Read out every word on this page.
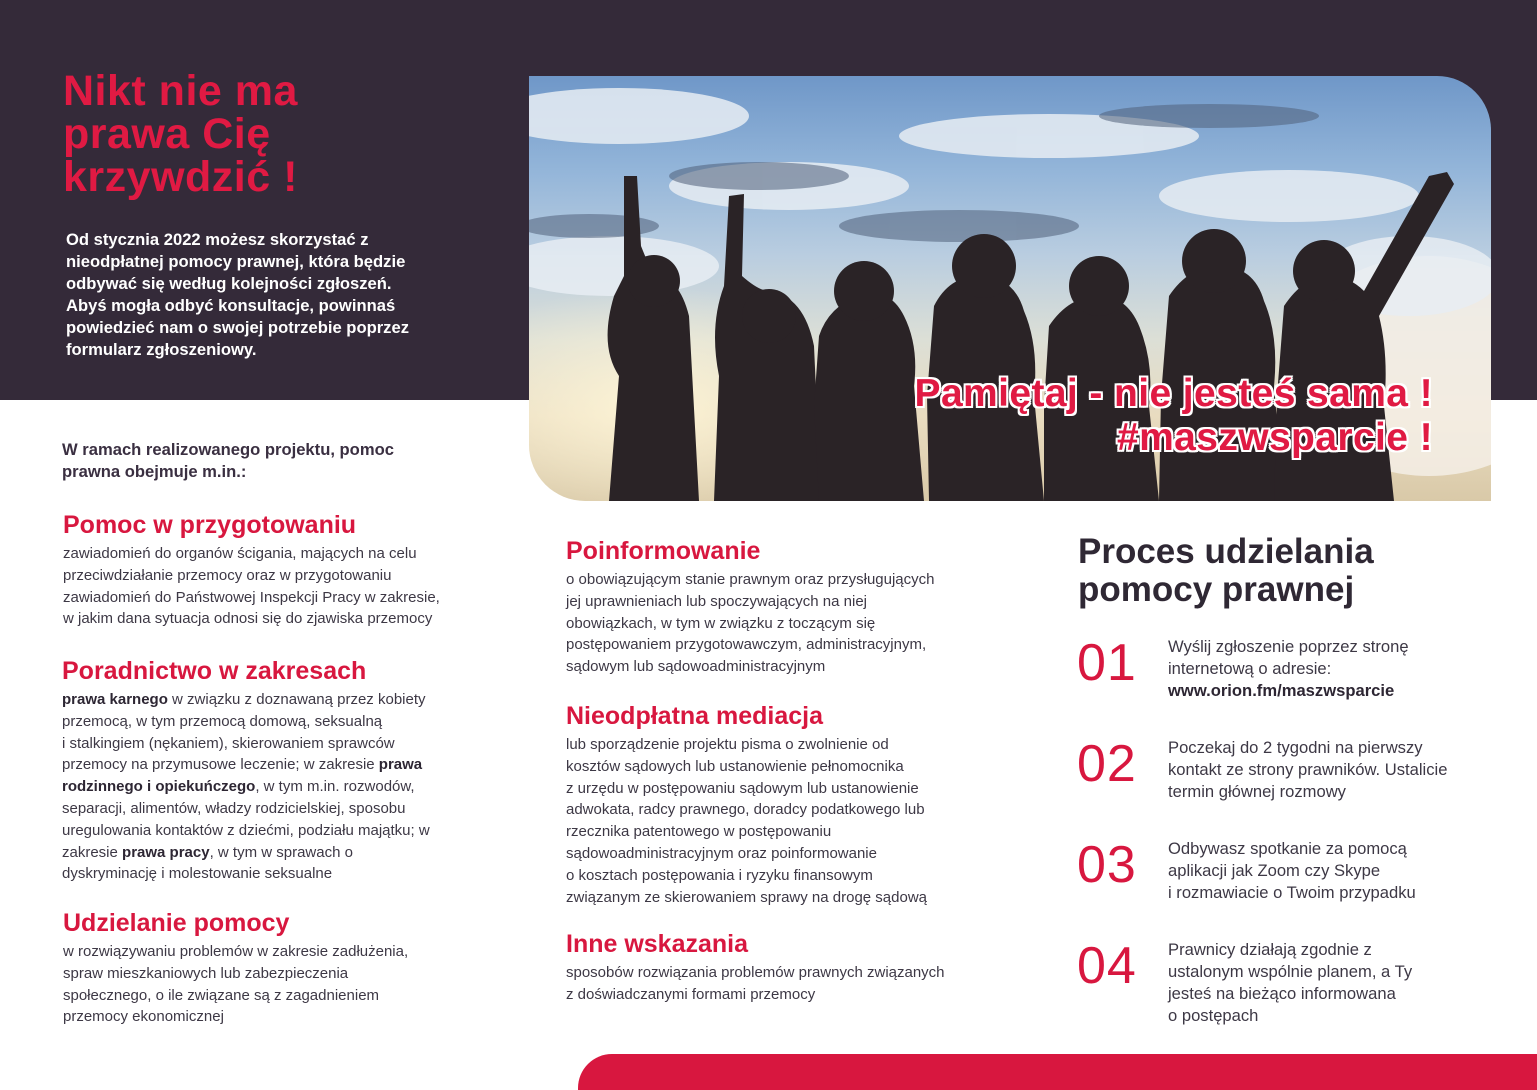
Nikt nie ma
prawa Cię
krzywdzić !
Od stycznia 2022 możesz skorzystać z
nieodpłatnej pomocy prawnej, która będzie
odbywać się według kolejności zgłoszeń.
Abyś mogła odbyć konsultacje, powinnaś
powiedzieć nam o swojej potrzebie poprzez
formularz zgłoszeniowy.
Pamiętaj - nie jesteś sama !
#maszwsparcie !
W ramach realizowanego projektu, pomoc
prawna obejmuje m.in.:
Pomoc w przygotowaniu
zawiadomień do organów ścigania, mających na celu
przeciwdziałanie przemocy oraz w przygotowaniu
zawiadomień do Państwowej Inspekcji Pracy w zakresie,
w jakim dana sytuacja odnosi się do zjawiska przemocy
Poradnictwo w zakresach
prawa karnego w związku z doznawaną przez kobiety
przemocą, w tym przemocą domową, seksualną
i stalkingiem (nękaniem), skierowaniem sprawców
przemocy na przymusowe leczenie; w zakresie prawa
rodzinnego i opiekuńczego, w tym m.in. rozwodów,
separacji, alimentów, władzy rodzicielskiej, sposobu
uregulowania kontaktów z dziećmi, podziału majątku; w
zakresie prawa pracy, w tym w sprawach o
dyskryminację i molestowanie seksualne
Udzielanie pomocy
w rozwiązywaniu problemów w zakresie zadłużenia,
spraw mieszkaniowych lub zabezpieczenia
społecznego, o ile związane są z zagadnieniem
przemocy ekonomicznej
Poinformowanie
o obowiązującym stanie prawnym oraz przysługujących
jej uprawnieniach lub spoczywających na niej
obowiązkach, w tym w związku z toczącym się
postępowaniem przygotowawczym, administracyjnym,
sądowym lub sądowoadministracyjnym
Nieodpłatna mediacja
lub sporządzenie projektu pisma o zwolnienie od
kosztów sądowych lub ustanowienie pełnomocnika
z urzędu w postępowaniu sądowym lub ustanowienie
adwokata, radcy prawnego, doradcy podatkowego lub
rzecznika patentowego w postępowaniu
sądowoadministracyjnym oraz poinformowanie
o kosztach postępowania i ryzyku finansowym
związanym ze skierowaniem sprawy na drogę sądową
Inne wskazania
sposobów rozwiązania problemów prawnych związanych
z doświadczanymi formami przemocy
Proces udzielania
pomocy prawnej
01 Wyślij zgłoszenie poprzez stronę
internetową o adresie:
www.orion.fm/maszwsparcie
02 Poczekaj do 2 tygodni na pierwszy
kontakt ze strony prawników. Ustalicie
termin głównej rozmowy
03 Odbywasz spotkanie za pomocą
aplikacji jak Zoom czy Skype
i rozmawiacie o Twoim przypadku
04 Prawnicy działają zgodnie z
ustalonym wspólnie planem, a Ty
jesteś na bieżąco informowana
o postępach
